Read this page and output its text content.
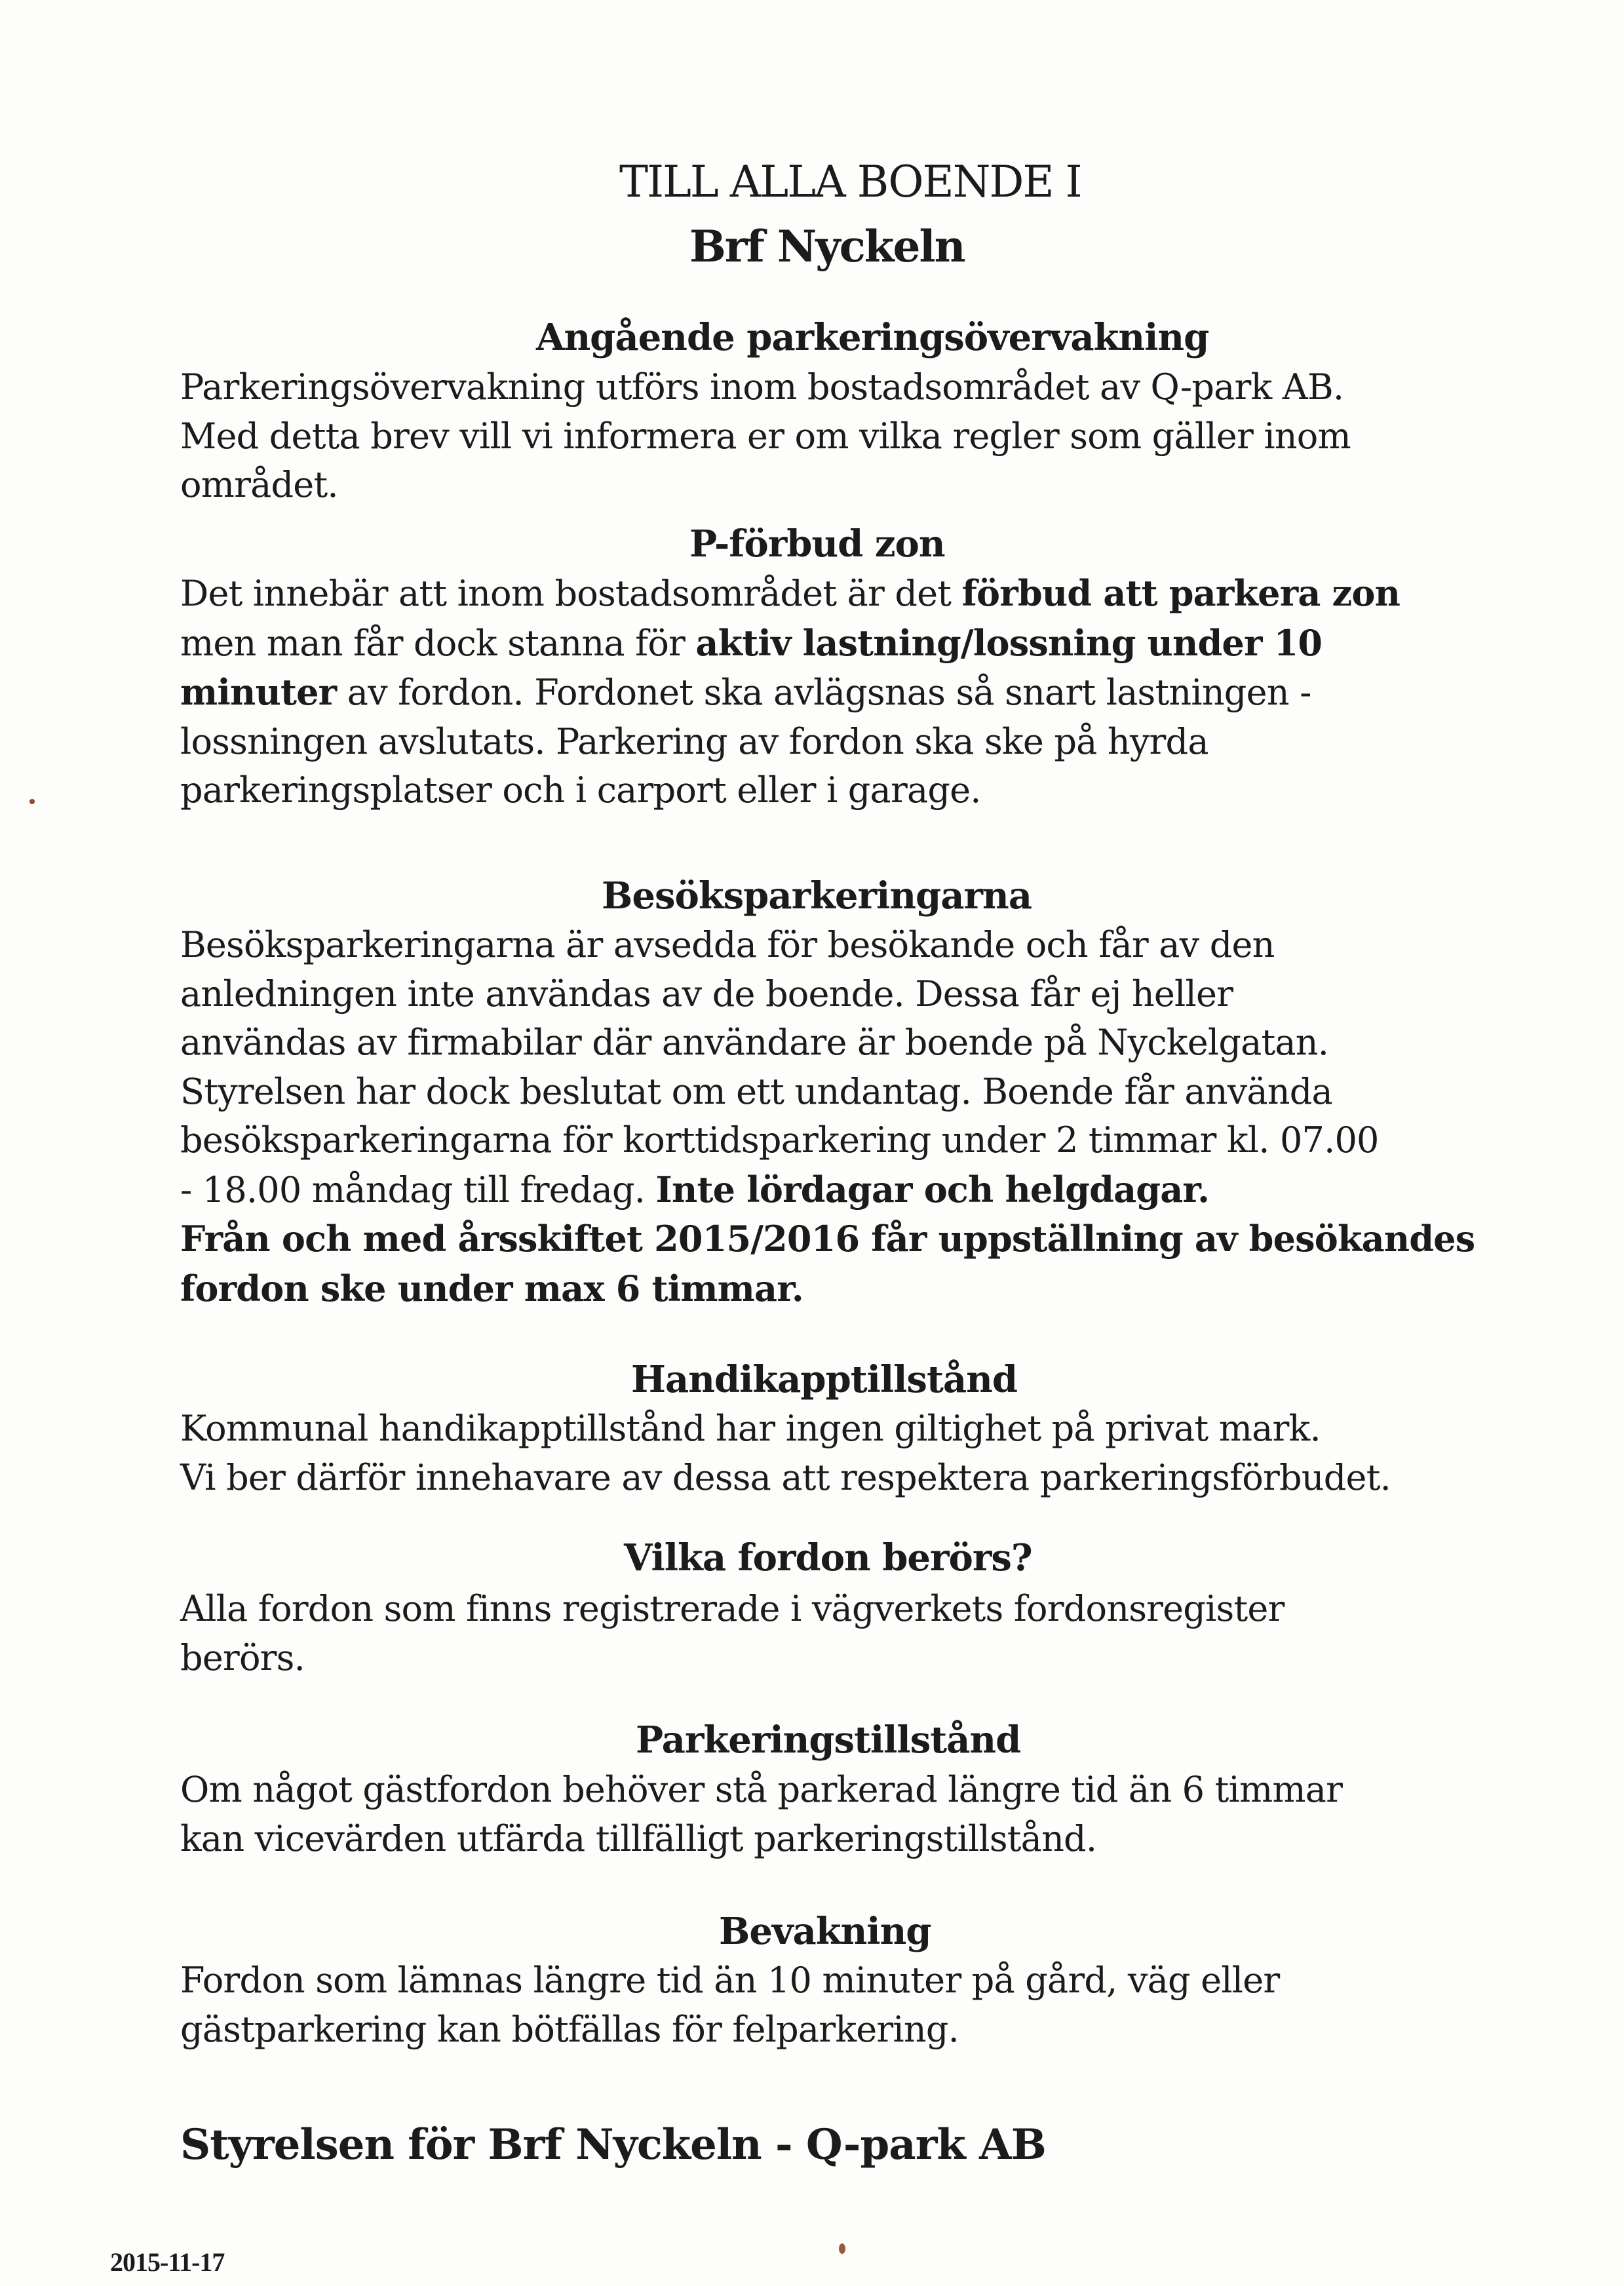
TILL ALLA BOENDE I
Brf Nyckeln
Angående parkeringsövervakning
Parkeringsövervakning utförs inom bostadsområdet av Q-park AB.
Med detta brev vill vi informera er om vilka regler som gäller inom
området.
P-förbud zon
Det innebär att inom bostadsområdet är det förbud att parkera zon
men man får dock stanna för aktiv lastning/lossning under 10
minuter av fordon. Fordonet ska avlägsnas så snart lastningen -
lossningen avslutats. Parkering av fordon ska ske på hyrda
parkeringsplatser och i carport eller i garage.
Besöksparkeringarna
Besöksparkeringarna är avsedda för besökande och får av den
anledningen inte användas av de boende. Dessa får ej heller
användas av firmabilar där användare är boende på Nyckelgatan.
Styrelsen har dock beslutat om ett undantag. Boende får använda
besöksparkeringarna för korttidsparkering under 2 timmar kl. 07.00
- 18.00 måndag till fredag. Inte lördagar och helgdagar.
Från och med årsskiftet 2015/2016 får uppställning av besökandes
fordon ske under max 6 timmar.
Handikapptillstånd
Kommunal handikapptillstånd har ingen giltighet på privat mark.
Vi ber därför innehavare av dessa att respektera parkeringsförbudet.
Vilka fordon berörs?
Alla fordon som finns registrerade i vägverkets fordonsregister
berörs.
Parkeringstillstånd
Om något gästfordon behöver stå parkerad längre tid än 6 timmar
kan vicevärden utfärda tillfälligt parkeringstillstånd.
Bevakning
Fordon som lämnas längre tid än 10 minuter på gård, väg eller
gästparkering kan bötfällas för felparkering.
Styrelsen för Brf Nyckeln - Q-park AB
2015-11-17
